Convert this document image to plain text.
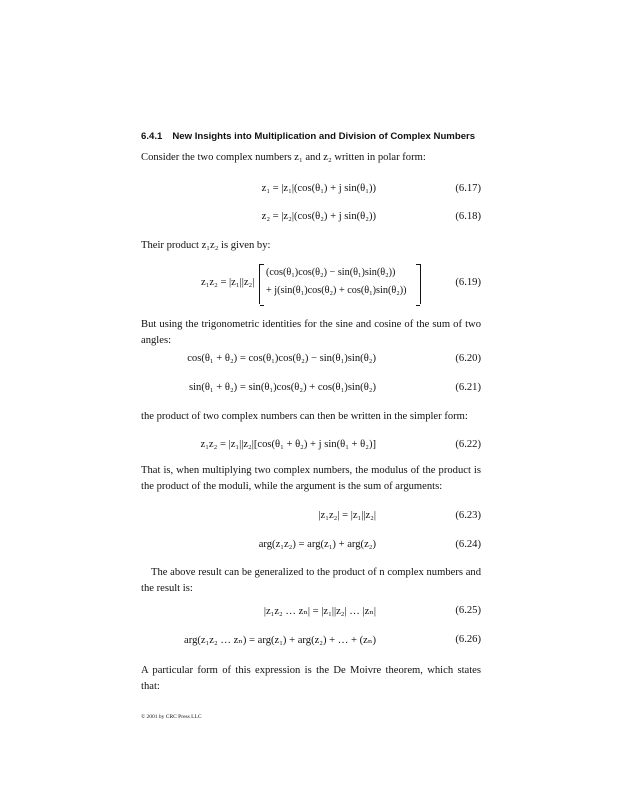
6.4.1 New Insights into Multiplication and Division of Complex Numbers
Consider the two complex numbers z₁ and z₂ written in polar form:
z₁ = |z₁|(cos(θ₁) + j sin(θ₁))	(6.17)
z₂ = |z₂|(cos(θ₂) + j sin(θ₂))	(6.18)
Their product z₁z₂ is given by:
z₁z₂ = |z₁||z₂|
(cos(θ₁)cos(θ₂) − sin(θ₁)sin(θ₂))
+ j(sin(θ₁)cos(θ₂) + cos(θ₁)sin(θ₂))
(6.19)
But using the trigonometric identities for the sine and cosine of the sum of two angles:
cos(θ₁ + θ₂) = cos(θ₁)cos(θ₂) − sin(θ₁)sin(θ₂)	(6.20)
sin(θ₁ + θ₂) = sin(θ₁)cos(θ₂) + cos(θ₁)sin(θ₂)	(6.21)
the product of two complex numbers can then be written in the simpler form:
z₁z₂ = |z₁||z₂|[cos(θ₁ + θ₂) + j sin(θ₁ + θ₂)]	(6.22)
That is, when multiplying two complex numbers, the modulus of the product is the product of the moduli, while the argument is the sum of arguments:
|z₁z₂| = |z₁||z₂|	(6.23)
arg(z₁z₂) = arg(z₁) + arg(z₂)	(6.24)
The above result can be generalized to the product of n complex numbers and the result is:
|z₁z₂ … zₙ| = |z₁||z₂| … |zₙ|	(6.25)
arg(z₁z₂ … zₙ) = arg(z₁) + arg(z₂) + … + (zₙ)	(6.26)
A particular form of this expression is the De Moivre theorem, which states that:
© 2001 by CRC Press LLC
